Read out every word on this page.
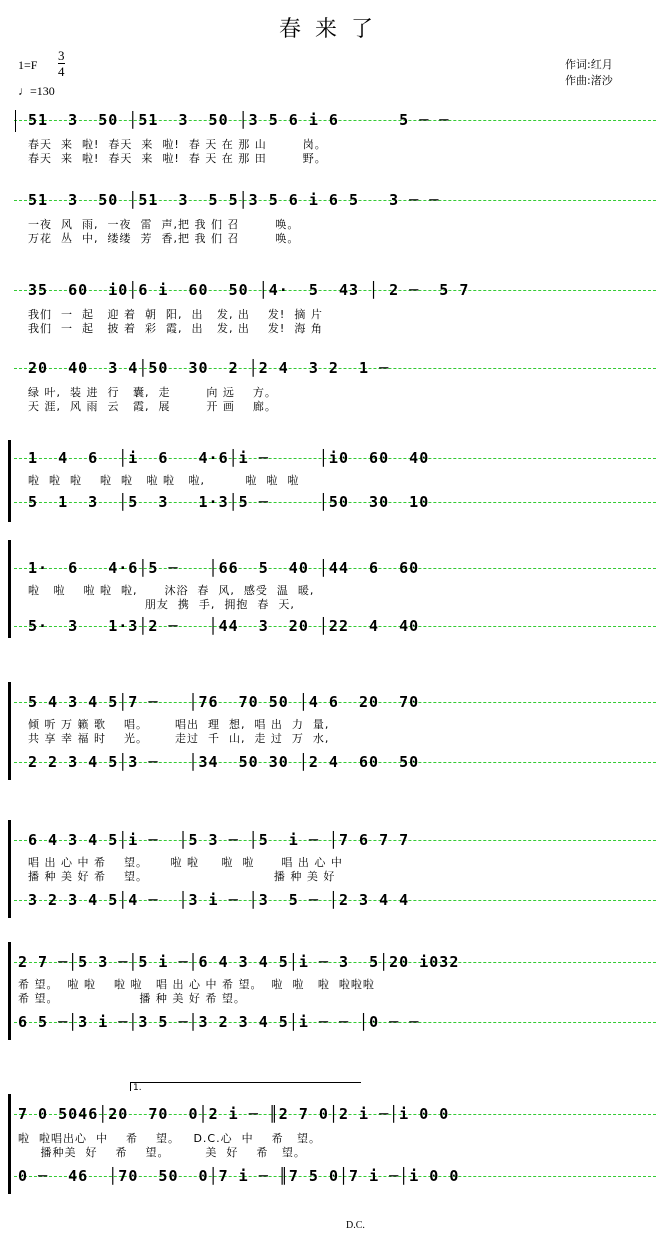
春来了
1=F
3
4
♩=130
作词:红月
作曲:渚沙
51  3  50 │51  3  50 │3 5 6 i 6      5 ─ ─
春天  来  啦!  春天  来  啦!  春 天 在 那 山        岗。
春天  来  啦!  春天  来  啦!  春 天 在 那 田        野。
51  3  50 │51  3  5 5│3 5 6 i 6 5   3 ─ ─
一夜  风  雨,  一夜  雷  声,把 我 们 召        唤。
万花  丛  中,  缕缕  芳  香,把 我 们 召        唤。
35  60  i0│6 i  60  50 │4·  5  43 │ 2 ─  5 7
我们  一  起   迎 着  朝  阳,  出   发, 出    发!  摘 片
我们  一  起   披 着  彩  霞,  出   发, 出    发!  海 角
20  40  3 4│50  30  2 │2 4  3 2  1 ─
绿 叶,  装 进  行   囊,  走        向 远    方。
天 涯,  风 雨  云   霞,  展        开 画    廊。
1  4  6  │i  6   4·6│i ─     │i0  60  40
啦  啦  啦    啦  啦   啦 啦   啦,         啦  啦  啦
5  1  3  │5  3   1·3│5 ─     │50  30  10
1·  6   4·6│5 ─   │66  5  40 │44  6  60
啦   啦    啦 啦  啦,      沐浴  春  风,  感受  温  暖,
朋友  携  手,  拥抱  春  天,
5·  3   1·3│2 ─   │44  3  20 │22  4  40
5 4 3 4 5│7 ─   │76  70 50 │4 6  20  70
倾 听 万 籁 歌    唱。      唱出  理  想,  唱 出  力  量,
共 享 幸 福 时    光。      走过  千  山,  走 过  万  水,
2 2 3 4 5│3 ─   │34  50 30 │2 4  60  50
6 4 3 4 5│i ─  │5 3 ─ │5  i ─ │7 6 7 7
唱 出 心 中 希    望。     啦 啦     啦  啦      唱 出 心 中
播 种 美 好 希    望。                            播 种 美 好
3 2 3 4 5│4 ─  │3 i ─ │3  5 ─ │2 3 4 4
2 7 ─│5 3 ─│5 i ─│6 4 3 4 5│i ─ 3  5│20 i032
希 望。  啦 啦    啦 啦   唱 出 心 中 希 望。  啦  啦   啦  啦啦啦
希 望。                  播 种 美 好 希 望。
6 5 ─│3 i ─│3 5 ─│3 2 3 4 5│i ─ ─ │0 ─ ─
1.
7 0 5046│20  70  0│2 i ─ ║2 7 0│2 i ─│i 0 0
啦  啦唱出心  中    希    望。   D.C.心  中    希   望。
播种美  好    希    望。        美  好    希   望。
0 ─  46  │70  50  0│7 i ─ ║7 5 0│7 i ─│i 0 0
D.C.
